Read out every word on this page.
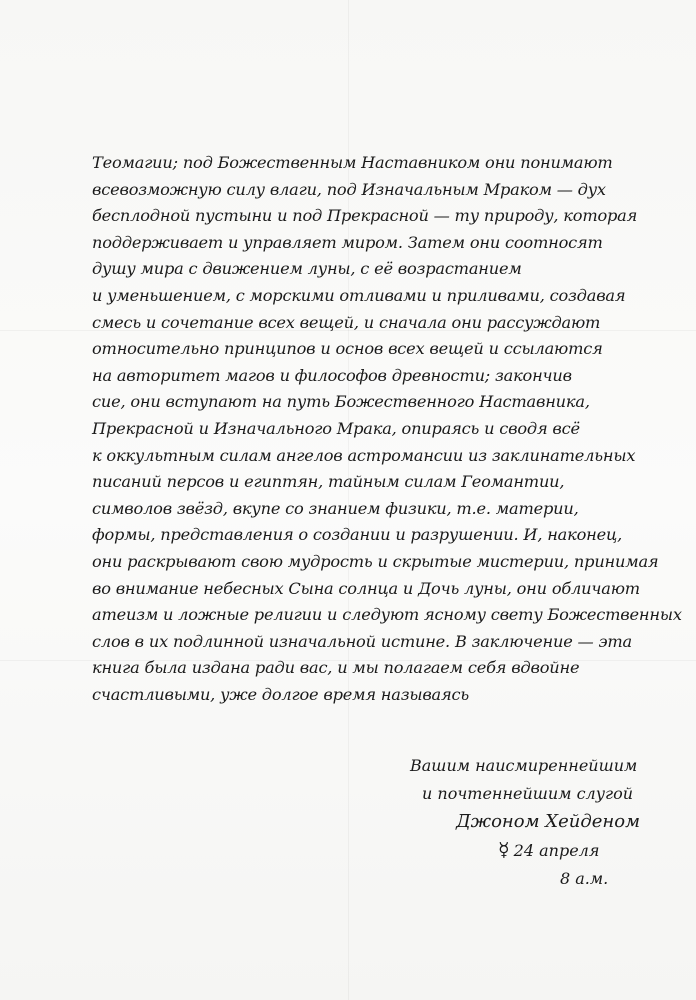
Теомагии; под Божественным Наставником они понимают
всевозможную силу влаги, под Изначальным Мраком — дух
бесплодной пустыни и под Прекрасной — ту природу, которая
поддерживает и управляет миром. Затем они соотносят
душу мира с движением луны, с её возрастанием
и уменьшением, с морскими отливами и приливами, создавая
смесь и сочетание всех вещей, и сначала они рассуждают
относительно принципов и основ всех вещей и ссылаются
на авторитет магов и философов древности; закончив
сие, они вступают на путь Божественного Наставника,
Прекрасной и Изначального Мрака, опираясь и сводя всё
к оккультным силам ангелов астромансии из заклинательных
писаний персов и египтян, тайным силам Геомантии,
символов звёзд, вкупе со знанием физики, т.е. материи,
формы, представления о создании и разрушении. И, наконец,
они раскрывают свою мудрость и скрытые мистерии, принимая
во внимание небесных Сына солнца и Дочь луны, они обличают
атеизм и ложные религии и следуют ясному свету Божественных
слов в их подлинной изначальной истине. В заключение — эта
книга была издана ради вас, и мы полагаем себя вдвойне
счастливыми, уже долгое время называясь
Вашим наисмиреннейшим
и почтеннейшим слугой
Джоном Хейденом
☿ 24 апреля
8 а.м.
